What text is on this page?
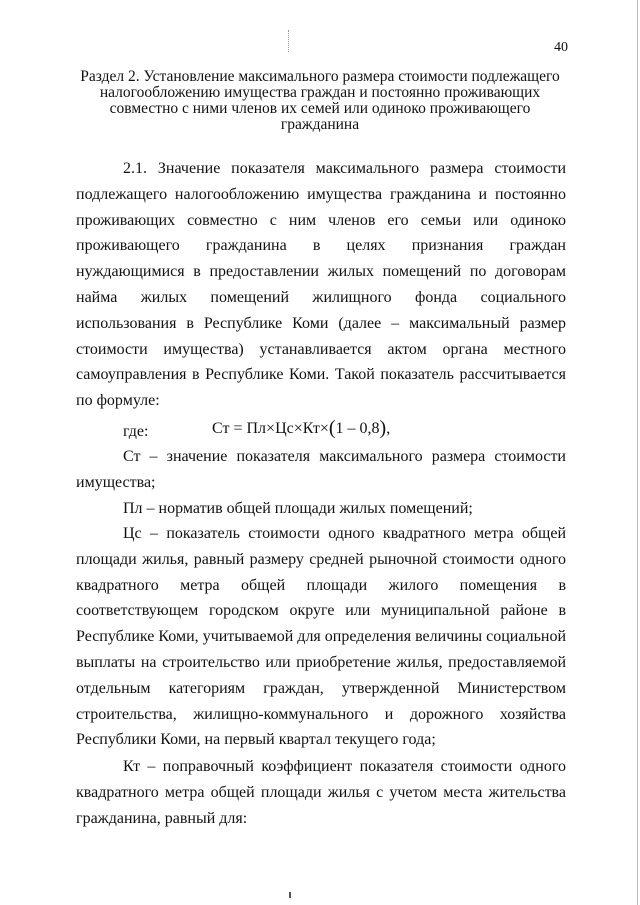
40
Раздел 2. Установление максимального размера стоимости подлежащего налогообложению имущества граждан и постоянно проживающих совместно с ними членов их семей или одиноко проживающего гражданина

2.1. Значение показателя максимального размера стоимости подлежащего налогообложению имущества гражданина и постоянно проживающих совместно с ним членов его семьи или одиноко проживающего гражданина в целях признания граждан нуждающимися в предоставлении жилых помещений по договорам найма жилых помещений жилищного фонда социального использования в Республике Коми (далее – максимальный размер стоимости имущества) устанавливается актом органа местного самоуправления в Республике Коми. Такой показатель рассчитывается по формуле:

Ст = Пл×Цс×Кт×(1 – 0,8),

где:

Ст – значение показателя максимального размера стоимости имущества;

Пл – норматив общей площади жилых помещений;

Цс – показатель стоимости одного квадратного метра общей площади жилья, равный размеру средней рыночной стоимости одного квадратного метра общей площади жилого помещения в соответствующем городском округе или муниципальной районе в Республике Коми, учитываемой для определения величины социальной выплаты на строительство или приобретение жилья, предоставляемой отдельным категориям граждан, утвержденной Министерством строительства, жилищно-коммунального и дорожного хозяйства Республики Коми, на первый квартал текущего года;

Кт – поправочный коэффициент показателя стоимости одного квадратного метра общей площади жилья с учетом места жительства гражданина, равный для:
